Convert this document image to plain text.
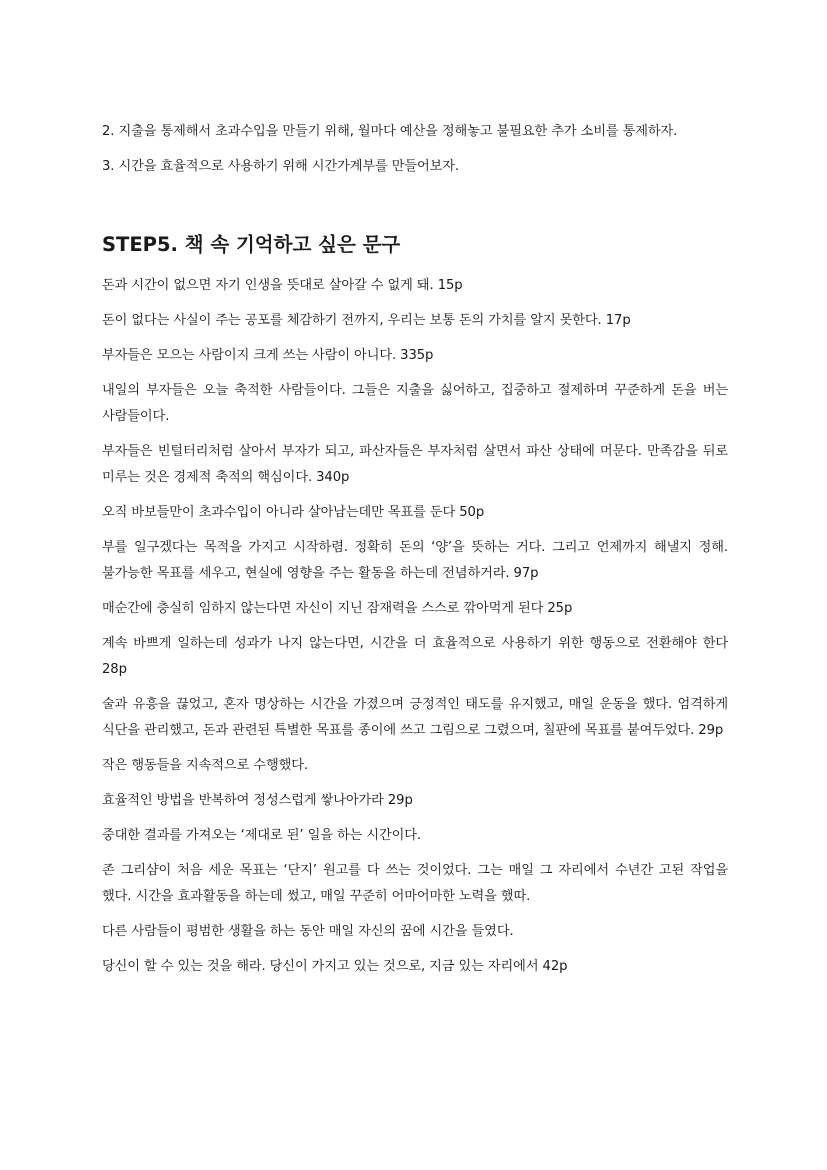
2. 지출을 통제해서 초과수입을 만들기 위해, 월마다 예산을 정해놓고 불필요한 추가 소비를 통제하자.

3. 시간을 효율적으로 사용하기 위해 시간가계부를 만들어보자.

STEP5. 책 속 기억하고 싶은 문구

돈과 시간이 없으면 자기 인생을 뜻대로 살아갈 수 없게 돼. 15p

돈이 없다는 사실이 주는 공포를 체감하기 전까지, 우리는 보통 돈의 가치를 알지 못한다. 17p

부자들은 모으는 사람이지 크게 쓰는 사람이 아니다. 335p

내일의 부자들은 오늘 축적한 사람들이다. 그들은 지출을 싫어하고, 집중하고 절제하며 꾸준하게 돈을 버는 사람들이다.

부자들은 빈털터리처럼 살아서 부자가 되고, 파산자들은 부자처럼 살면서 파산 상태에 머문다. 만족감을 뒤로 미루는 것은 경제적 축적의 핵심이다. 340p

오직 바보들만이 초과수입이 아니라 살아남는데만 목표를 둔다 50p

부를 일구겠다는 목적을 가지고 시작하렴. 정확히 돈의 ‘양’을 뜻하는 거다. 그리고 언제까지 해낼지 정해. 불가능한 목표를 세우고, 현실에 영향을 주는 활동을 하는데 전념하거라. 97p

매순간에 충실히 임하지 않는다면 자신이 지닌 잠재력을 스스로 깎아먹게 된다 25p

계속 바쁘게 일하는데 성과가 나지 않는다면, 시간을 더 효율적으로 사용하기 위한 행동으로 전환해야 한다 28p

술과 유흥을 끊었고, 혼자 명상하는 시간을 가졌으며 긍정적인 태도를 유지했고, 매일 운동을 했다. 엄격하게 식단을 관리했고, 돈과 관련된 특별한 목표를 종이에 쓰고 그림으로 그렸으며, 칠판에 목표를 붙여두었다. 29p

작은 행동들을 지속적으로 수행했다.

효율적인 방법을 반복하여 정성스럽게 쌓나아가라 29p

중대한 결과를 가져오는 ‘제대로 된’ 일을 하는 시간이다.

존 그리샴이 처음 세운 목표는 ‘단지’ 원고를 다 쓰는 것이었다. 그는 매일 그 자리에서 수년간 고된 작업을 했다. 시간을 효과활동을 하는데 썼고, 매일 꾸준히 어마어마한 노력을 했따.

다른 사람들이 평범한 생활을 하는 동안 매일 자신의 꿈에 시간을 들였다.

당신이 할 수 있는 것을 해라. 당신이 가지고 있는 것으로, 지금 있는 자리에서 42p
